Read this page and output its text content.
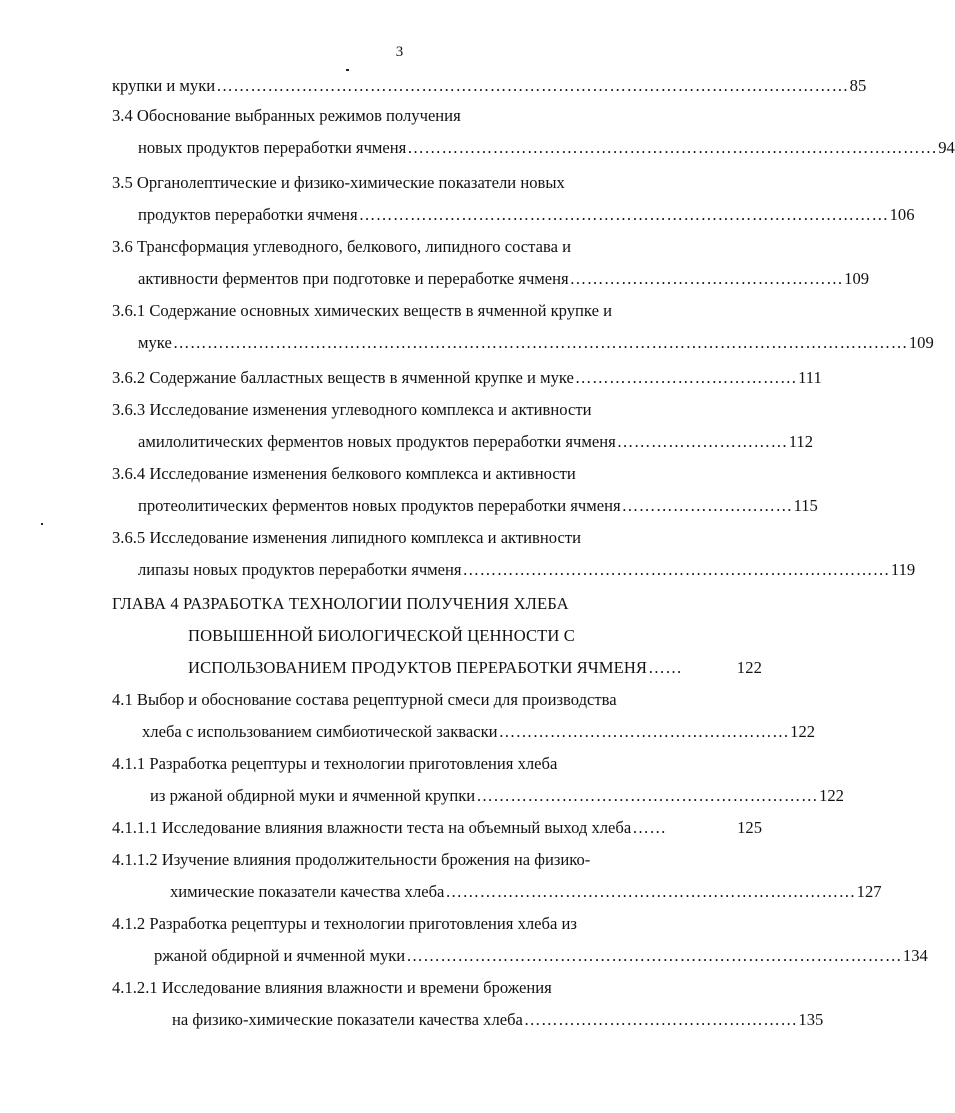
3
крупки и муки ………………………………………………………………………………………………… 85
3.4 Обоснование выбранных режимов получения
новых продуктов переработки ячменя ………………………………………………………………………………… 94
3.5 Органолептические и физико-химические показатели новых
продуктов переработки ячменя ………………………………………………………………………………… 106
3.6 Трансформация углеводного, белкового, липидного состава и
активности ферментов при подготовке и переработке ячменя ………………………………………… 109
3.6.1 Содержание основных химических веществ в ячменной крупке и
муке ………………………………………………………………………………………………………………… 109
3.6.2 Содержание балластных веществ в ячменной крупке и муке ………………………………… 111
3.6.3 Исследование изменения углеводного комплекса и активности
амилолитических ферментов новых продуктов переработки ячменя ………………………… 112
3.6.4 Исследование изменения белкового комплекса и активности
протеолитических ферментов новых продуктов переработки ячменя ………………………… 115
3.6.5 Исследование изменения липидного комплекса и активности
липазы новых продуктов переработки ячменя ………………………………………………………………… 119
ГЛАВА 4 РАЗРАБОТКА ТЕХНОЛОГИИ ПОЛУЧЕНИЯ ХЛЕБА
ПОВЫШЕННОЙ БИОЛОГИЧЕСКОЙ ЦЕННОСТИ С
ИСПОЛЬЗОВАНИЕМ ПРОДУКТОВ ПЕРЕРАБОТКИ ЯЧМЕНЯ ……	122
4.1 Выбор и обоснование состава рецептурной смеси для производства
хлеба с использованием симбиотической закваски …………………………………………… 122
4.1.1 Разработка рецептуры и технологии приготовления хлеба
из ржаной обдирной муки и ячменной крупки …………………………………………………… 122
4.1.1.1 Исследование влияния влажности теста на объемный выход хлеба ……	125
4.1.1.2 Изучение влияния продолжительности брожения на физико-
химические показатели качества хлеба ……………………………………………………………… 127
4.1.2 Разработка рецептуры и технологии приготовления хлеба из
ржаной обдирной и ячменной муки …………………………………………………………………………… 134
4.1.2.1 Исследование влияния влажности и времени брожения
на физико-химические показатели качества хлеба ………………………………………… 135
